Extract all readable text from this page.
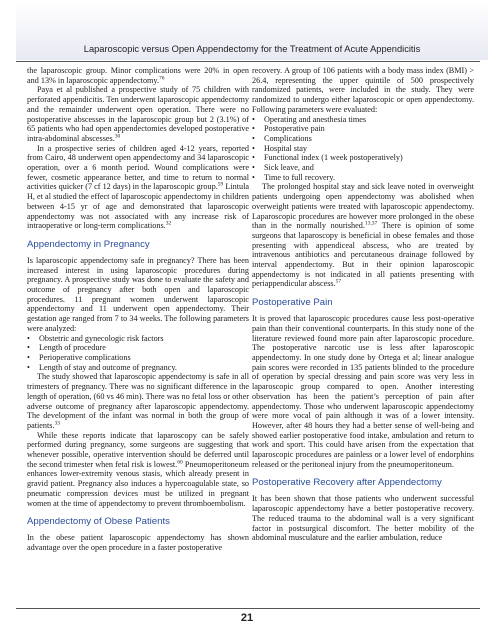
Laparoscopic versus Open Appendectomy for the Treatment of Acute Appendicitis

the laparoscopic group. Minor complications were 20% in open and 13% in laparoscopic appendectomy.$^{76}$

Paya et al published a prospective study of 75 children with perforated appendicitis. Ten underwent laparoscopic appendectomy and the remainder underwent open operation. There were no postoperative abscesses in the laparoscopic group but 2 (3.1%) of 65 patients who had open appendectomies developed postoperative intra-abdominal abscesses.$^{30}$

In a prospective series of children aged 4-12 years, reported from Cairo, 48 underwent open appendectomy and 34 laparoscopic operation, over a 6 month period. Wound complications were fewer, cosmetic appearance better, and time to return to normal activities quicker (7 cf 12 days) in the laparoscopic group.$^{59}$ Lintula H, et al studied the effect of laparoscopic appendectomy in children between 4-15 yr of age and demonstrated that laparoscopic appendectomy was not associated with any increase risk of intraoperative or long-term complications.$^{32}$

Appendectomy in Pregnancy

Is laparoscopic appendectomy safe in pregnancy? There has been increased interest in using laparoscopic procedures during pregnancy. A prospective study was done to evaluate the safety and outcome of pregnancy after both open and laparoscopic procedures. 11 pregnant women underwent laparoscopic appendectomy and 11 underwent open appendectomy. Their gestation age ranged from 7 to 34 weeks. The following parameters were analyzed:

• Obstetric and gynecologic risk factors
• Length of procedure
• Perioperative complications
• Length of stay and outcome of pregnancy.

The study showed that laparoscopic appendectomy is safe in all trimesters of pregnancy. There was no significant difference in the length of operation, (60 vs 46 min). There was no fetal loss or other adverse outcome of pregnancy after laparoscopic appendectomy. The development of the infant was normal in both the group of patients.$^{33}$

While these reports indicate that laparoscopy can be safely performed during pregnancy, some surgeons are suggesting that whenever possible, operative intervention should be deferred until the second trimester when fetal risk is lowest.$^{60}$ Pneumoperitoneum enhances lower-extremity venous stasis, which already present in gravid patient. Pregnancy also induces a hypercoagulable state, so pneumatic compression devices must be utilized in pregnant women at the time of appendectomy to prevent thromboembolism.

Appendectomy of Obese Patients

In the obese patient laparoscopic appendectomy has shown advantage over the open procedure in a faster postoperative

recovery. A group of 106 patients with a body mass index (BMI) > 26.4, representing the upper quintile of 500 prospectively randomized patients, were included in the study. They were randomized to undergo either laparoscopic or open appendectomy. Following parameters were evaluated:

• Operating and anesthesia times
• Postoperative pain
• Complications
• Hospital stay
• Functional index (1 week postoperatively)
• Sick leave, and
• Time to full recovery.

The prolonged hospital stay and sick leave noted in overweight patients undergoing open appendectomy was abolished when overweight patients were treated with laparoscopic appendectomy. Laparoscopic procedures are however more prolonged in the obese than in the normally nourished.$^{13,37}$ There is opinion of some surgeons that laparoscopy is beneficial in obese females and those presenting with appendiceal abscess, who are treated by intravenous antibiotics and percutaneous drainage followed by interval appendectomy. But in their opinion laparoscopic appendectomy is not indicated in all patients presenting with periappendicular abscess.$^{57}$

Postoperative Pain

It is proved that laparoscopic procedures cause less post-operative pain than their conventional counterparts. In this study none of the literature reviewed found more pain after laparoscopic procedure. The postoperative narcotic use is less after laparoscopic appendectomy. In one study done by Ortega et al; linear analogue pain scores were recorded in 135 patients blinded to the procedure of operation by special dressing and pain score was very less in laparoscopic group compared to open. Another interesting observation has been the patient’s perception of pain after appendectomy. Those who underwent laparoscopic appendectomy were more vocal of pain although it was of a lower intensity. However, after 48 hours they had a better sense of well-being and showed earlier postoperative food intake, ambulation and return to work and sport. This could have arisen from the expectation that laparoscopic procedures are painless or a lower level of endorphins released or the peritoneal injury from the pneumoperitoneum.

Postoperative Recovery after Appendectomy

It has been shown that those patients who underwent successful laparoscopic appendectomy have a better postoperative recovery. The reduced trauma to the abdominal wall is a very significant factor in postsurgical discomfort. The better mobility of the abdominal musculature and the earlier ambulation, reduce

21
